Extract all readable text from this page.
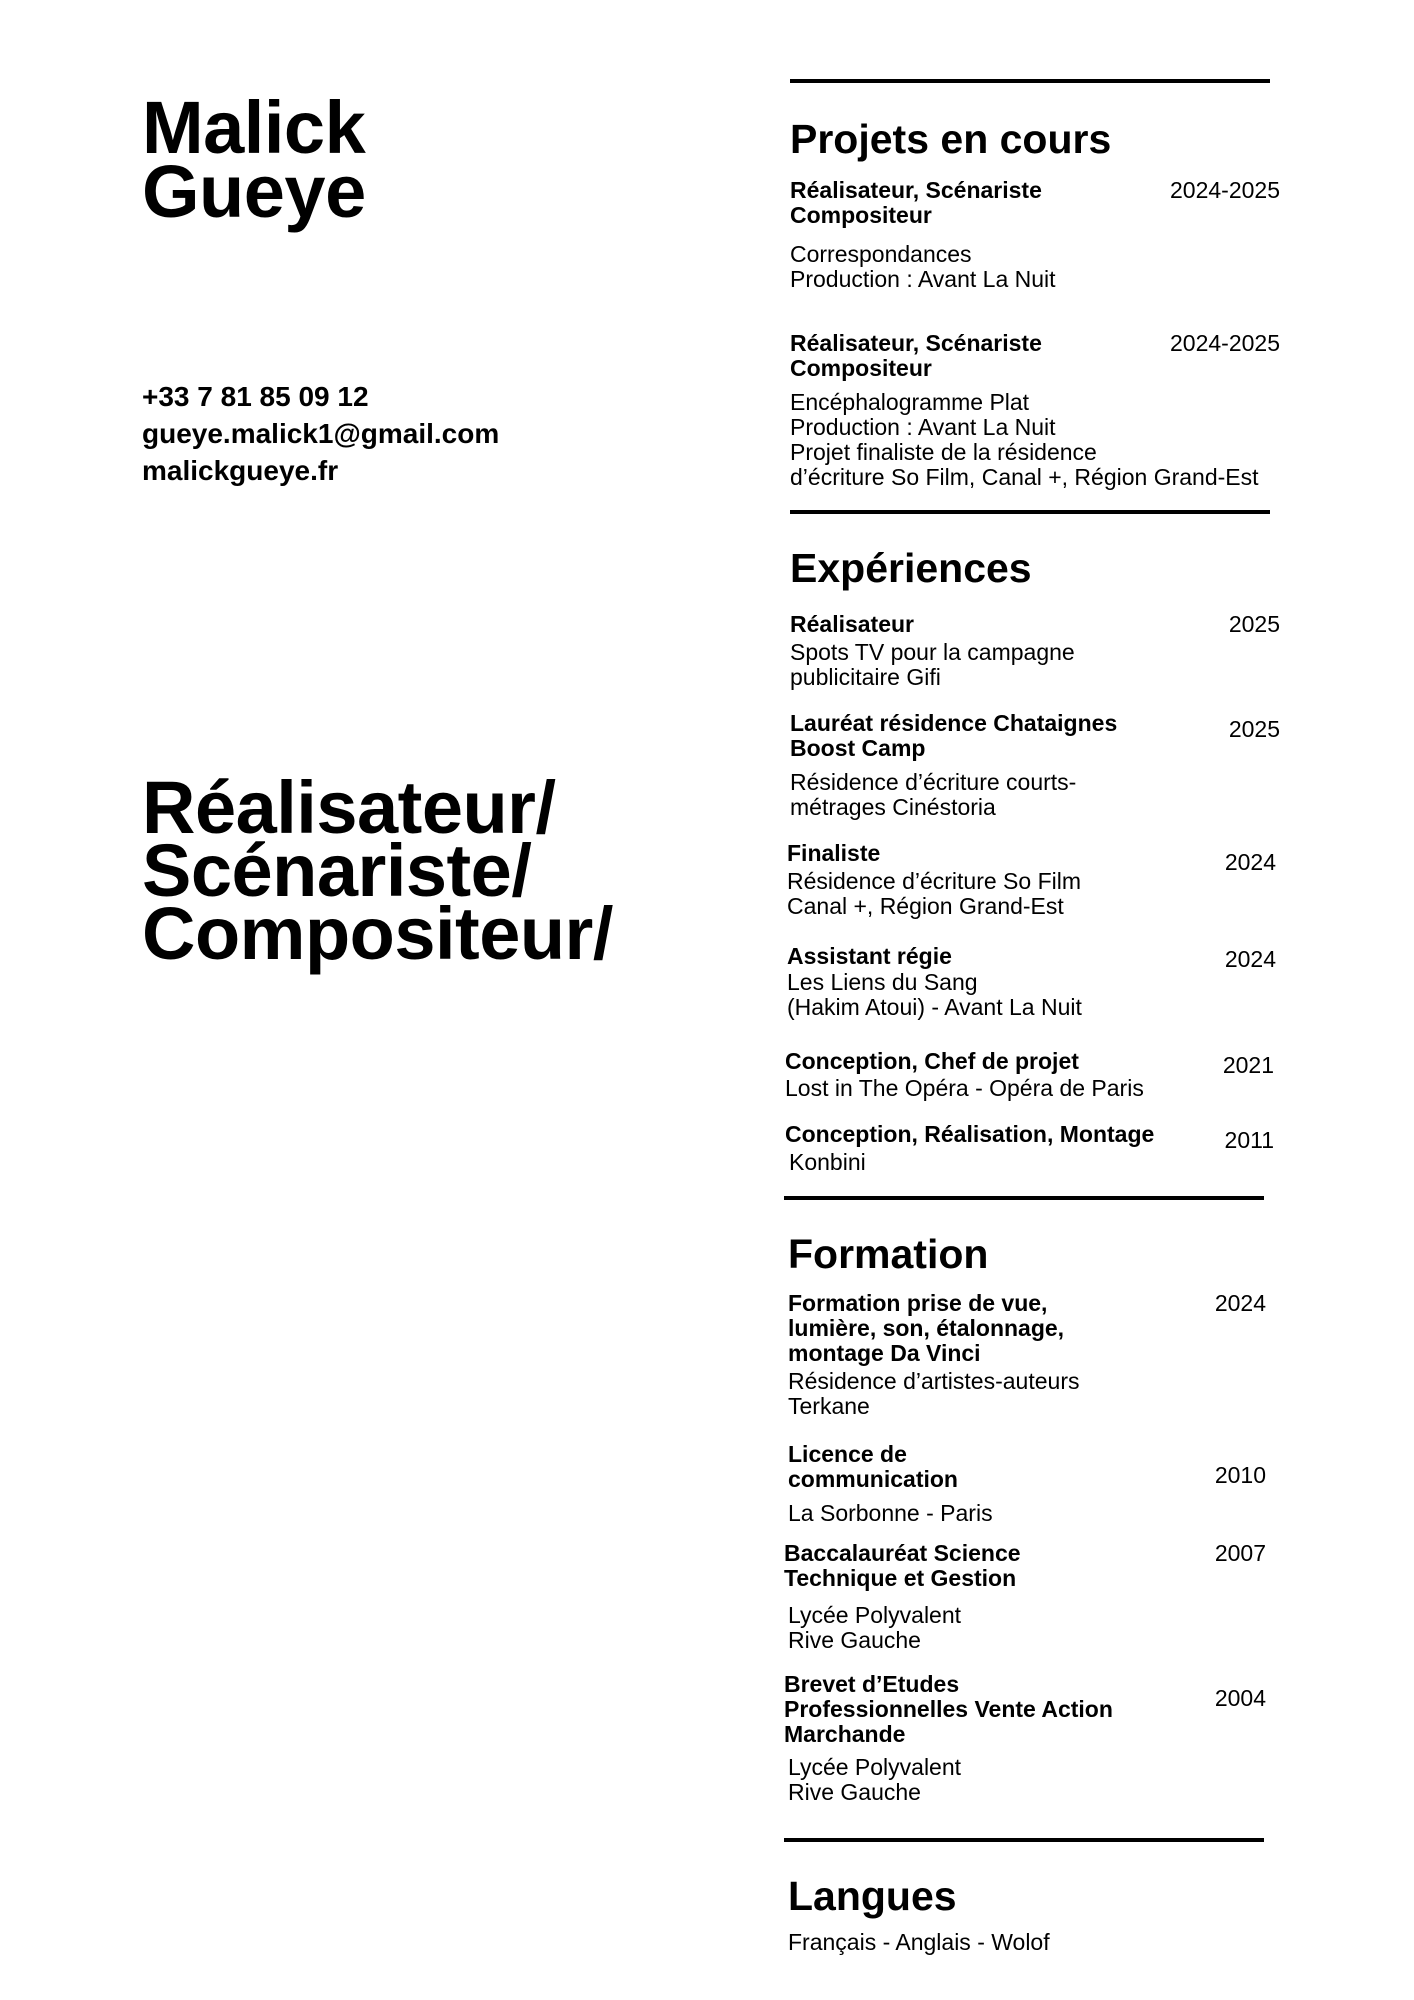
Malick
Gueye
+33 7 81 85 09 12
gueye.malick1@gmail.com
malickgueye.fr
Réalisateur/
Scénariste/
Compositeur/
Projets en cours
Réalisateur, Scénariste
Compositeur
2024-2025
Correspondances
Production : Avant La Nuit
Réalisateur, Scénariste
Compositeur
2024-2025
Encéphalogramme Plat
Production : Avant La Nuit
Projet finaliste de la résidence
d’écriture So Film, Canal +, Région Grand-Est
Expériences
Réalisateur	2025
Spots TV pour la campagne
publicitaire Gifi
Lauréat résidence Chataignes
Boost Camp
2025
Résidence d’écriture courts-
métrages Cinéstoria
Finaliste	2024
Résidence d’écriture So Film
Canal +, Région Grand-Est
Assistant régie	2024
Les Liens du Sang
(Hakim Atoui) - Avant La Nuit
Conception, Chef de projet	2021
Lost in The Opéra - Opéra de Paris
Conception, Réalisation, Montage	2011
Konbini
Formation
Formation prise de vue,
lumière, son, étalonnage,
montage Da Vinci
2024
Résidence d’artistes-auteurs
Terkane
Licence de
communication	2010
La Sorbonne - Paris
Baccalauréat Science
Technique et Gestion
2007
Lycée Polyvalent
Rive Gauche
Brevet d’Etudes
Professionnelles Vente Action
Marchande
2004
Lycée Polyvalent
Rive Gauche
Langues
Français - Anglais - Wolof
